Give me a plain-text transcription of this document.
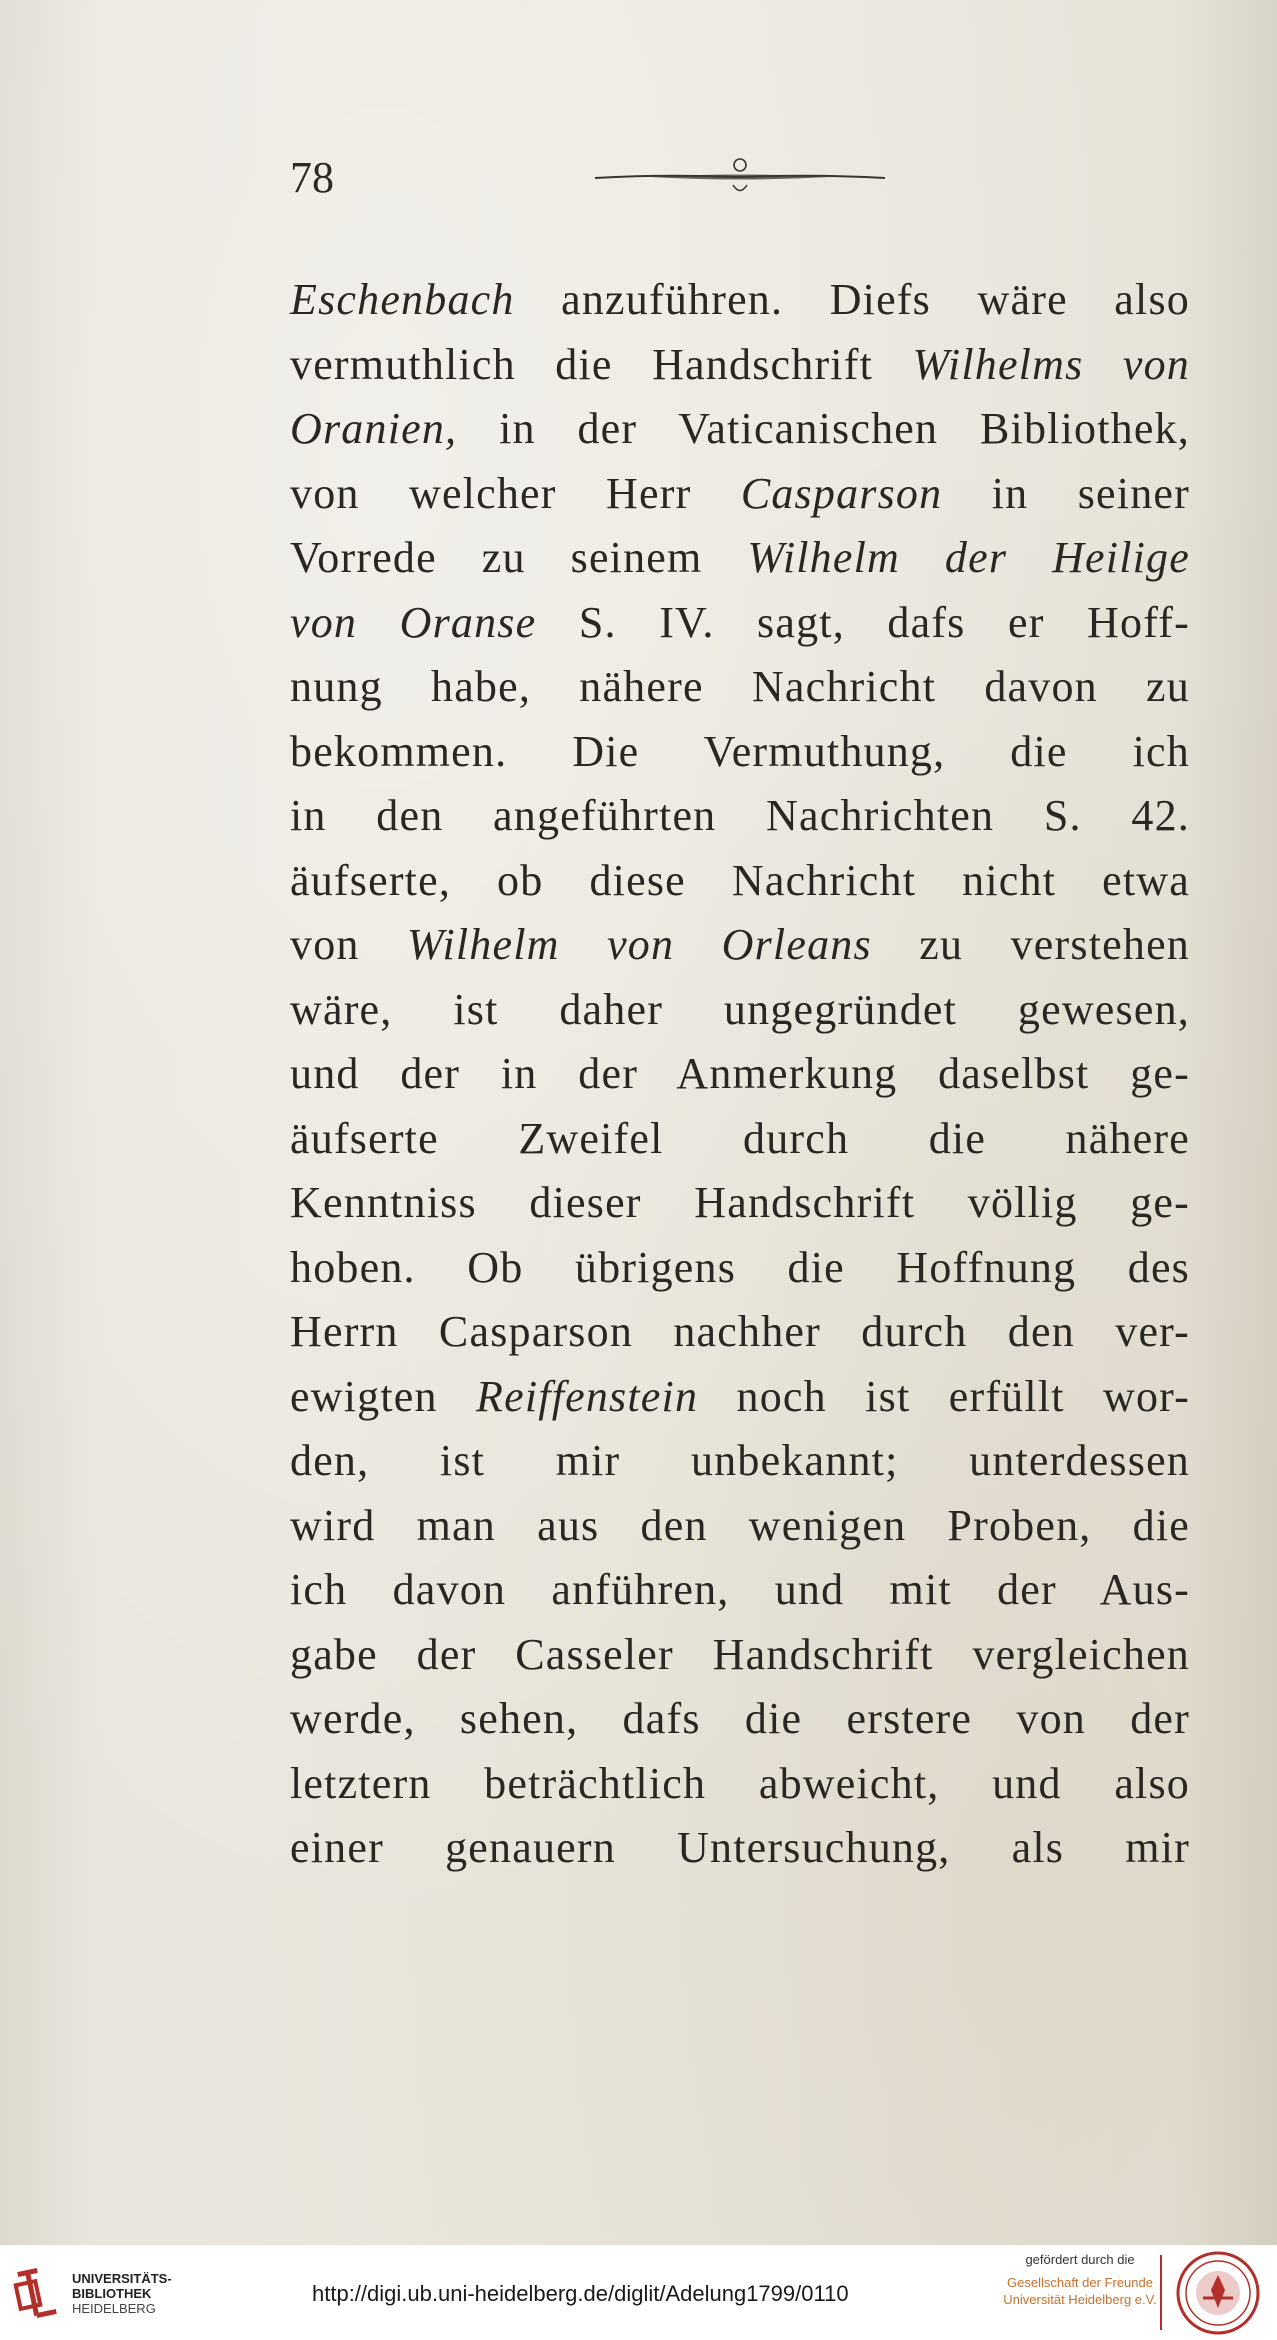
78

Eschenbach anzuführen. Diefs wäre also
vermuthlich die Handschrift Wilhelms von
Oranien, in der Vaticanischen Bibliothek,
von welcher Herr Casparson in seiner
Vorrede zu seinem Wilhelm der Heilige
von Oranse S. IV. sagt, dafs er Hoff-
nung habe, nähere Nachricht davon zu
bekommen. Die Vermuthung, die ich
in den angeführten Nachrichten S. 42.
äufserte, ob diese Nachricht nicht etwa
von Wilhelm von Orleans zu verstehen
wäre, ist daher ungegründet gewesen,
und der in der Anmerkung daselbst ge-
äufserte Zweifel durch die nähere
Kenntniss dieser Handschrift völlig ge-
hoben. Ob übrigens die Hoffnung des
Herrn Casparson nachher durch den ver-
ewigten Reiffenstein noch ist erfüllt wor-
den, ist mir unbekannt; unterdessen
wird man aus den wenigen Proben, die
ich davon anführen, und mit der Aus-
gabe der Casseler Handschrift vergleichen
werde, sehen, dafs die erstere von der
letztern beträchtlich abweicht, und also
einer genauern Untersuchung, als mir
UNIVERSITÄTS-
BIBLIOTHEK
HEIDELBERG
http://digi.ub.uni-heidelberg.de/diglit/Adelung1799/0110
gefördert durch die
Gesellschaft der Freunde
Universität Heidelberg e.V.
